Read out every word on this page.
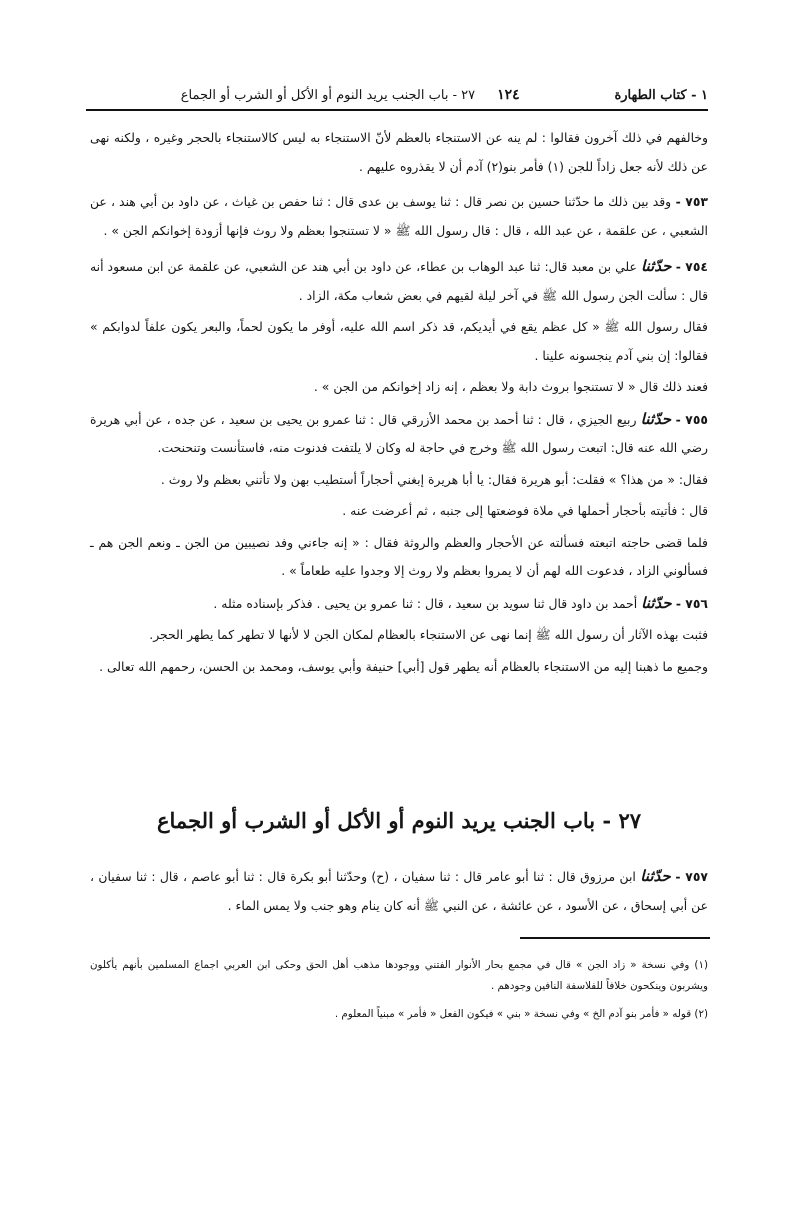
١ - كتاب الطهارة
١٢٤
٢٧ - باب الجنب يريد النوم أو الأكل أو الشرب أو الجماع

وخالفهم في ذلك آخرون فقالوا : لم ينه عن الاستنجاء بالعظم لأنّ الاستنجاء به ليس كالاستنجاء بالحجر وغيره ، ولكنه نهى عن ذلك لأنه جعل زاداً للجن (١) فأمر بنو(٢) آدم أن لا يقذروه عليهم .

٧٥٣ - وقد بين ذلك ما حدّثنا حسين بن نصر قال : ثنا يوسف بن عدى قال : ثنا حفص بن غياث ، عن داود بن أبي هند ، عن الشعبي ، عن علقمة ، عن عبد الله ، قال : قال رسول الله ﷺ « لا تستنجوا بعظم ولا روث فإنها أزودة إخوانكم الجن » .

٧٥٤ - حدّثنا علي بن معبد قال: ثنا عبد الوهاب بن عطاء، عن داود بن أبي هند عن الشعبي، عن علقمة عن ابن مسعود أنه قال : سألت الجن رسول الله ﷺ في آخر ليلة لقيهم في بعض شعاب مكة، الزاد .

فقال رسول الله ﷺ « كل عظم يقع في أيديكم، قد ذكر اسم الله عليه، أوفر ما يكون لحماً، والبعر يكون علفاً لدوابكم » فقالوا: إن بني آدم ينجسونه علينا .

فعند ذلك قال « لا تستنجوا بروث دابة ولا بعظم ، إنه زاد إخوانكم من الجن » .

٧٥٥ - حدّثنا ربيع الجيزي ، قال : ثنا أحمد بن محمد الأزرقي قال : ثنا عمرو بن يحيى بن سعيد ، عن جده ، عن أبي هريرة رضي الله عنه قال: اتبعت رسول الله ﷺ وخرج في حاجة له وكان لا يلتفت فدنوت منه، فاستأنست وتنحنحت.

فقال: « من هذا؟ » فقلت: أبو هريرة فقال: يا أبا هريرة إبغني أحجاراً أستطيب بهن ولا تأتني بعظم ولا روث .

قال : فأتيته بأحجار أحملها في ملاة فوضعتها إلى جنبه ، ثم أعرضت عنه .

فلما قضى حاجته اتبعته فسألته عن الأحجار والعظم والروثة فقال : « إنه جاءني وفد نصيبين من الجن ـ ونعم الجن هم ـ فسألوني الزاد ، فدعوت الله لهم أن لا يمروا بعظم ولا روث إلا وجدوا عليه طعاماً » .

٧٥٦ - حدّثنا أحمد بن داود قال ثنا سويد بن سعيد ، قال : ثنا عمرو بن يحيى . فذكر بإسناده مثله .

فثبت بهذه الآثار أن رسول الله ﷺ إنما نهى عن الاستنجاء بالعظام لمكان الجن لا لأنها لا تطهر كما يطهر الحجر.

وجميع ما ذهبنا إليه من الاستنجاء بالعظام أنه يطهر قول [أبي] حنيفة وأبي يوسف، ومحمد بن الحسن، رحمهم الله تعالى .

٢٧ - باب الجنب يريد النوم أو الأكل أو الشرب أو الجماع

٧٥٧ - حدّثنا ابن مرزوق قال : ثنا أبو عامر قال : ثنا سفيان ، (ح) وحدّثنا أبو بكرة قال : ثنا أبو عاصم ، قال : ثنا سفيان ، عن أبي إسحاق ، عن الأسود ، عن عائشة ، عن النبي ﷺ أنه كان ينام وهو جنب ولا يمس الماء .

(١) وفي نسخة « زاد الجن » قال في مجمع بحار الأنوار الفتني ووجودها مذهب أهل الحق وحكى ابن العربي اجماع المسلمين بأنهم يأكلون ويشربون وينكحون خلافاً للفلاسفة النافين وجودهم .

(٢) قوله « فأمر بنو آدم الخ » وفي نسخة « بني » فيكون الفعل « فأمر » مبنياً المعلوم .
